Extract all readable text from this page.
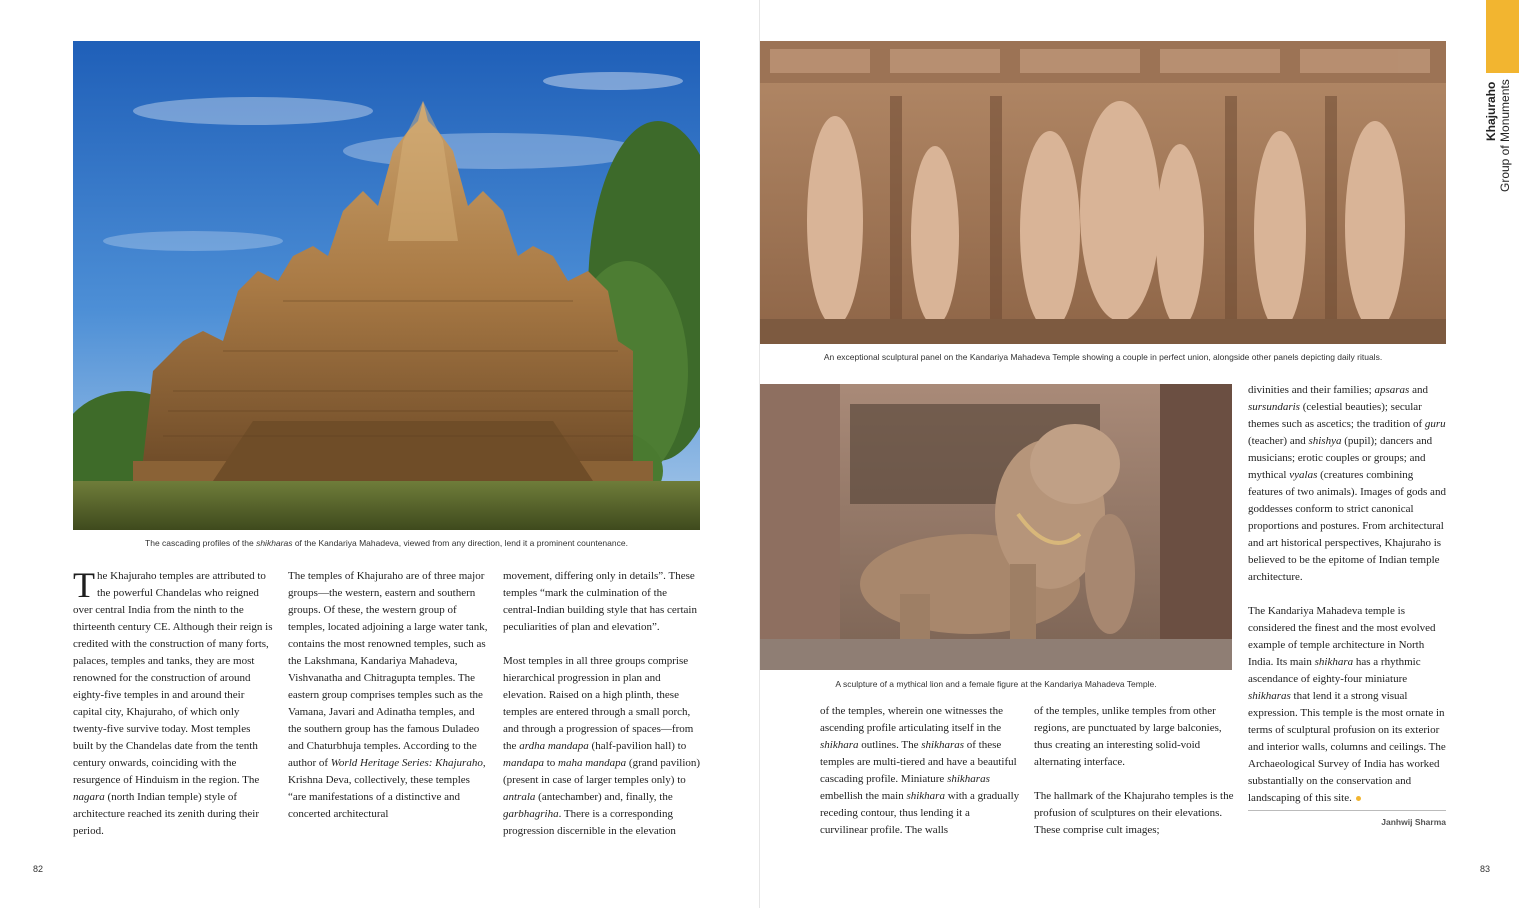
The cascading profiles of the shikharas of the Kandariya Mahadeva, viewed from any direction, lend it a prominent countenance.

The Khajuraho temples are attributed to the powerful Chandelas who reigned over central India from the ninth to the thirteenth century CE. Although their reign is credited with the construction of many forts, palaces, temples and tanks, they are most renowned for the construction of around eighty-five temples in and around their capital city, Khajuraho, of which only twenty-five survive today. Most temples built by the Chandelas date from the tenth century onwards, coinciding with the resurgence of Hinduism in the region. The nagara (north Indian temple) style of architecture reached its zenith during their period.

The temples of Khajuraho are of three major groups—the western, eastern and southern groups. Of these, the western group of temples, located adjoining a large water tank, contains the most renowned temples, such as the Lakshmana, Kandariya Mahadeva, Vishvanatha and Chitragupta temples. The eastern group comprises temples such as the Vamana, Javari and Adinatha temples, and the southern group has the famous Duladeo and Chaturbhuja temples. According to the author of World Heritage Series: Khajuraho, Krishna Deva, collectively, these temples “are manifestations of a distinctive and concerted architectural

movement, differing only in details”. These temples “mark the culmination of the central-Indian building style that has certain peculiarities of plan and elevation”.

Most temples in all three groups comprise hierarchical progression in plan and elevation. Raised on a high plinth, these temples are entered through a small porch, and through a progression of spaces—from the ardha mandapa (half-pavilion hall) to mandapa to maha mandapa (grand pavilion) (present in case of larger temples only) to antrala (antechamber) and, finally, the garbhagriha. There is a corresponding progression discernible in the elevation

82
Khajuraho
Group of Monuments
An exceptional sculptural panel on the Kandariya Mahadeva Temple showing a couple in perfect union, alongside other panels depicting daily rituals.
A sculpture of a mythical lion and a female figure at the Kandariya Mahadeva Temple.

of the temples, wherein one witnesses the ascending profile articulating itself in the shikhara outlines. The shikharas of these temples are multi-tiered and have a beautiful cascading profile. Miniature shikharas embellish the main shikhara with a gradually receding contour, thus lending it a curvilinear profile. The walls

of the temples, unlike temples from other regions, are punctuated by large balconies, thus creating an interesting solid-void alternating interface.

The hallmark of the Khajuraho temples is the profusion of sculptures on their elevations. These comprise cult images;

divinities and their families; apsaras and sursundaris (celestial beauties); secular themes such as ascetics; the tradition of guru (teacher) and shishya (pupil); dancers and musicians; erotic couples or groups; and mythical vyalas (creatures combining features of two animals). Images of gods and goddesses conform to strict canonical proportions and postures. From architectural and art historical perspectives, Khajuraho is believed to be the epitome of Indian temple architecture.

The Kandariya Mahadeva temple is considered the finest and the most evolved example of temple architecture in North India. Its main shikhara has a rhythmic ascendance of eighty-four miniature shikharas that lend it a strong visual expression. This temple is the most ornate in terms of sculptural profusion on its exterior and interior walls, columns and ceilings. The Archaeological Survey of India has worked substantially on the conservation and landscaping of this site.

Janhwij Sharma
83
